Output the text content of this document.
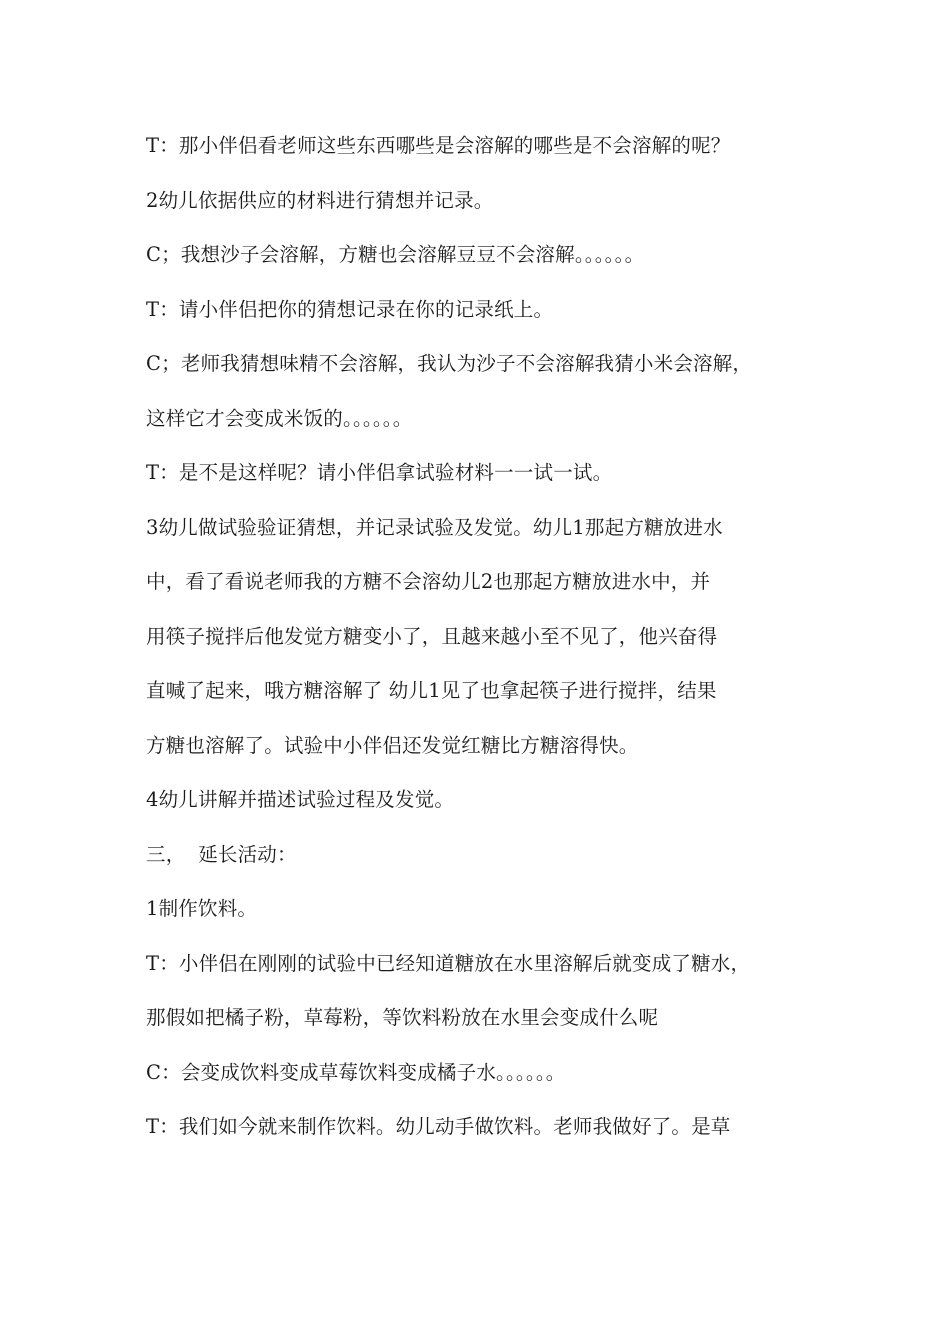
T：那小伴侣看老师这些东西哪些是会溶解的哪些是不会溶解的呢？
2幼儿依据供应的材料进行猜想并记录。
C；我想沙子会溶解，方糖也会溶解豆豆不会溶解。。。。。。
T：请小伴侣把你的猜想记录在你的记录纸上。
C；老师我猜想味精不会溶解，我认为沙子不会溶解我猜小米会溶解，
这样它才会变成米饭的。。。。。。
T：是不是这样呢？请小伴侣拿试验材料一一试一试。
3幼儿做试验验证猜想，并记录试验及发觉。幼儿1那起方糖放进水
中，看了看说老师我的方糖不会溶幼儿2也那起方糖放进水中，并
用筷子搅拌后他发觉方糖变小了，且越来越小至不见了，他兴奋得
直喊了起来，哦方糖溶解了 幼儿1见了也拿起筷子进行搅拌，结果
方糖也溶解了。试验中小伴侣还发觉红糖比方糖溶得快。
4幼儿讲解并描述试验过程及发觉。
三，  延长活动：
1制作饮料。
T：小伴侣在刚刚的试验中已经知道糖放在水里溶解后就变成了糖水，
那假如把橘子粉，草莓粉，等饮料粉放在水里会变成什么呢
C：会变成饮料变成草莓饮料变成橘子水。。。。。。
T：我们如今就来制作饮料。幼儿动手做饮料。老师我做好了。是草
